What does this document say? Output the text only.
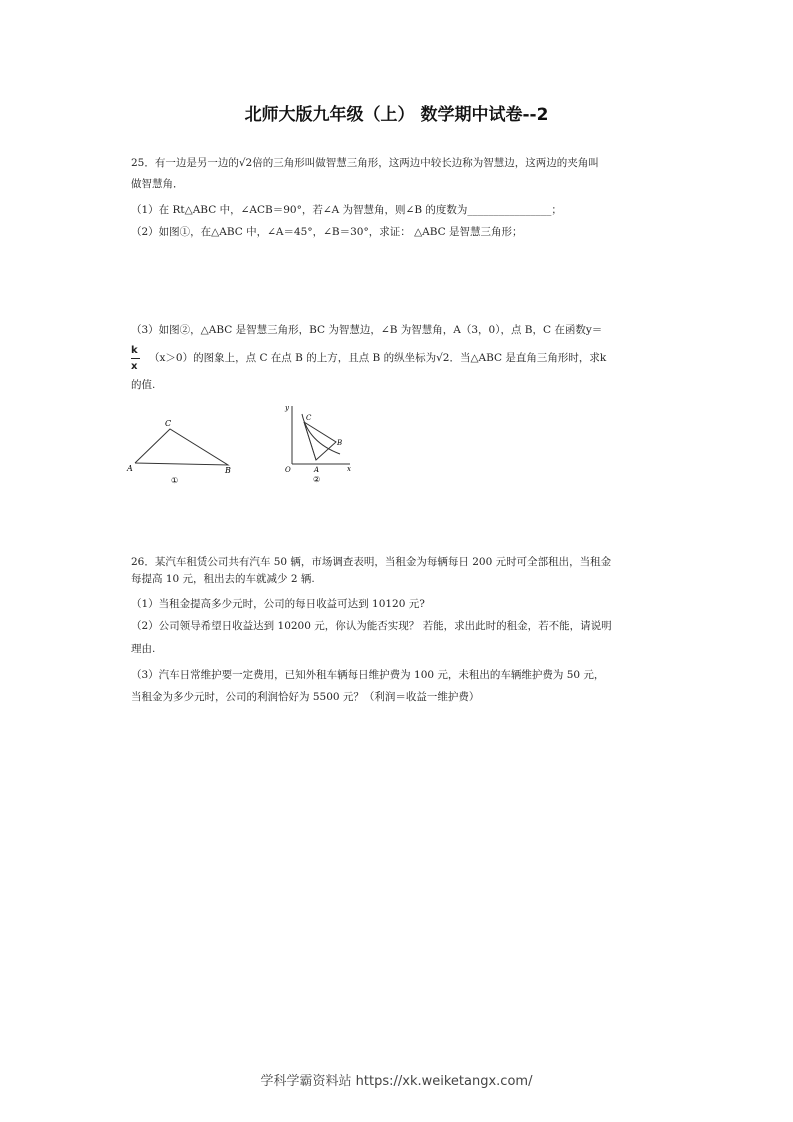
北师大版九年级（上） 数学期中试卷--2
25．有一边是另一边的√2倍的三角形叫做智慧三角形，这两边中较长边称为智慧边，这两边的夹角叫
做智慧角．
（1）在 Rt△ABC 中，∠ACB＝90°，若∠A 为智慧角，则∠B 的度数为________________；
（2）如图①，在△ABC 中，∠A＝45°，∠B＝30°，求证： △ABC 是智慧三角形；
（3）如图②，△ABC 是智慧三角形，BC 为智慧边，∠B 为智慧角，A（3，0），点 B，C 在函数y＝
k
x
（x＞0）的图象上，点 C 在点 B 的上方，且点 B 的纵坐标为√2．当△ABC 是直角三角形时，求k
的值.
A	B
C
①
O	A
B
C
x
y
②
26．某汽车租赁公司共有汽车 50 辆，市场调查表明，当租金为每辆每日 200 元时可全部租出，当租金
每提高 10 元，租出去的车就减少 2 辆.
（1）当租金提高多少元时，公司的每日收益可达到 10120 元?
（2）公司领导希望日收益达到 10200 元，你认为能否实现？ 若能，求出此时的租金，若不能，请说明
理由.
（3）汽车日常维护要一定费用，已知外租车辆每日维护费为 100 元，未租出的车辆维护费为 50 元，
当租金为多少元时，公司的利润恰好为 5500 元？（利润＝收益一维护费）
学科学霸资料站 https://xk.weiketangx.com/
